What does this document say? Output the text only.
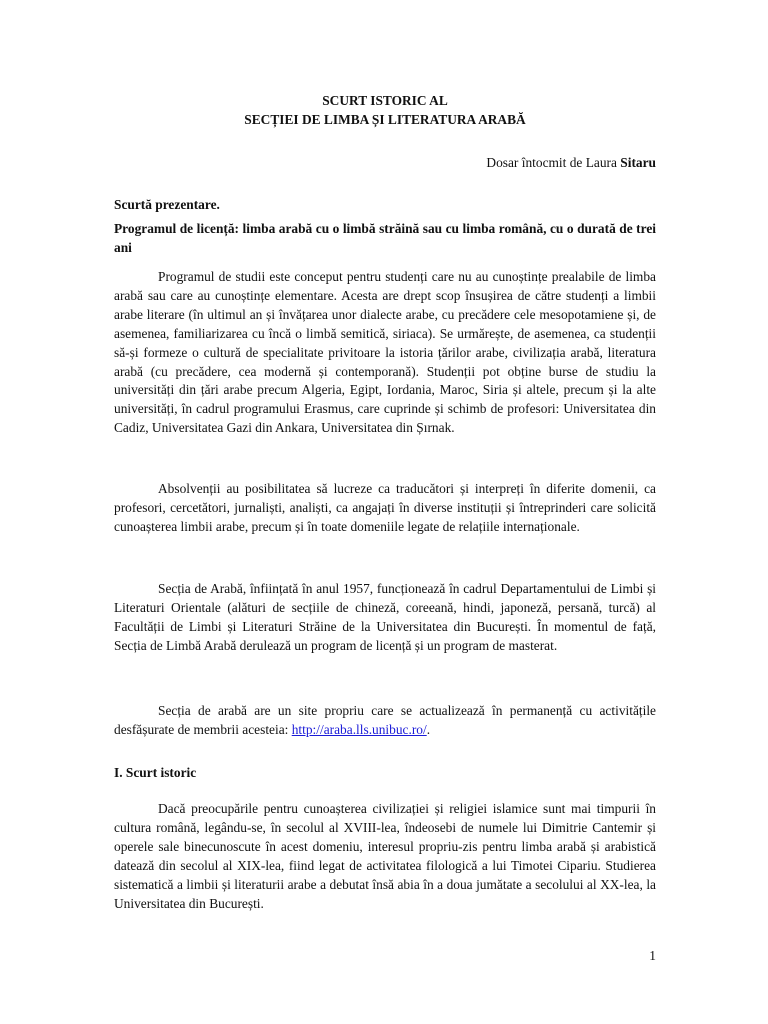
SCURT ISTORIC AL
SECȚIEI DE LIMBA ȘI LITERATURA ARABĂ
Dosar întocmit de Laura Sitaru
Scurtă prezentare.
Programul de licență: limba arabă cu o limbă străină sau cu limba română, cu o durată de trei ani

Programul de studii este conceput pentru studenți care nu au cunoștințe prealabile de limba arabă sau care au cunoștințe elementare. Acesta are drept scop însușirea de către studenți a limbii arabe literare (în ultimul an și învățarea unor dialecte arabe, cu precădere cele mesopotamiene și, de asemenea, familiarizarea cu încă o limbă semitică, siriaca). Se urmărește, de asemenea, ca studenții să-și formeze o cultură de specialitate privitoare la istoria țărilor arabe, civilizația arabă, literatura arabă (cu precădere, cea modernă și contemporană). Studenții pot obține burse de studiu la universități din țări arabe precum Algeria, Egipt, Iordania, Maroc, Siria și altele, precum și la alte universități, în cadrul programului Erasmus, care cuprinde și schimb de profesori: Universitatea din Cadiz, Universitatea Gazi din Ankara, Universitatea din Șırnak.

Absolvenții au posibilitatea să lucreze ca traducători și interpreți în diferite domenii, ca profesori, cercetători, jurnaliști, analiști, ca angajați în diverse instituții și întreprinderi care solicită cunoașterea limbii arabe, precum și în toate domeniile legate de relațiile internaționale.

Secția de Arabă, înființată în anul 1957, funcționează în cadrul Departamentului de Limbi și Literaturi Orientale (alături de secțiile de chineză, coreeană, hindi, japoneză, persană, turcă) al Facultății de Limbi și Literaturi Străine de la Universitatea din București. În momentul de față, Secția de Limbă Arabă derulează un program de licență și un program de masterat.

Secția de arabă are un site propriu care se actualizează în permanență cu activitățile desfășurate de membrii acesteia: http://araba.lls.unibuc.ro/.

I. Scurt istoric

Dacă preocupările pentru cunoașterea civilizației și religiei islamice sunt mai timpurii în cultura română, legându-se, în secolul al XVIII-lea, îndeosebi de numele lui Dimitrie Cantemir și operele sale binecunoscute în acest domeniu, interesul propriu-zis pentru limba arabă și arabistică datează din secolul al XIX-lea, fiind legat de activitatea filologică a lui Timotei Cipariu. Studierea sistematică a limbii și literaturii arabe a debutat însă abia în a doua jumătate a secolului al XX-lea, la Universitatea din București.

1
